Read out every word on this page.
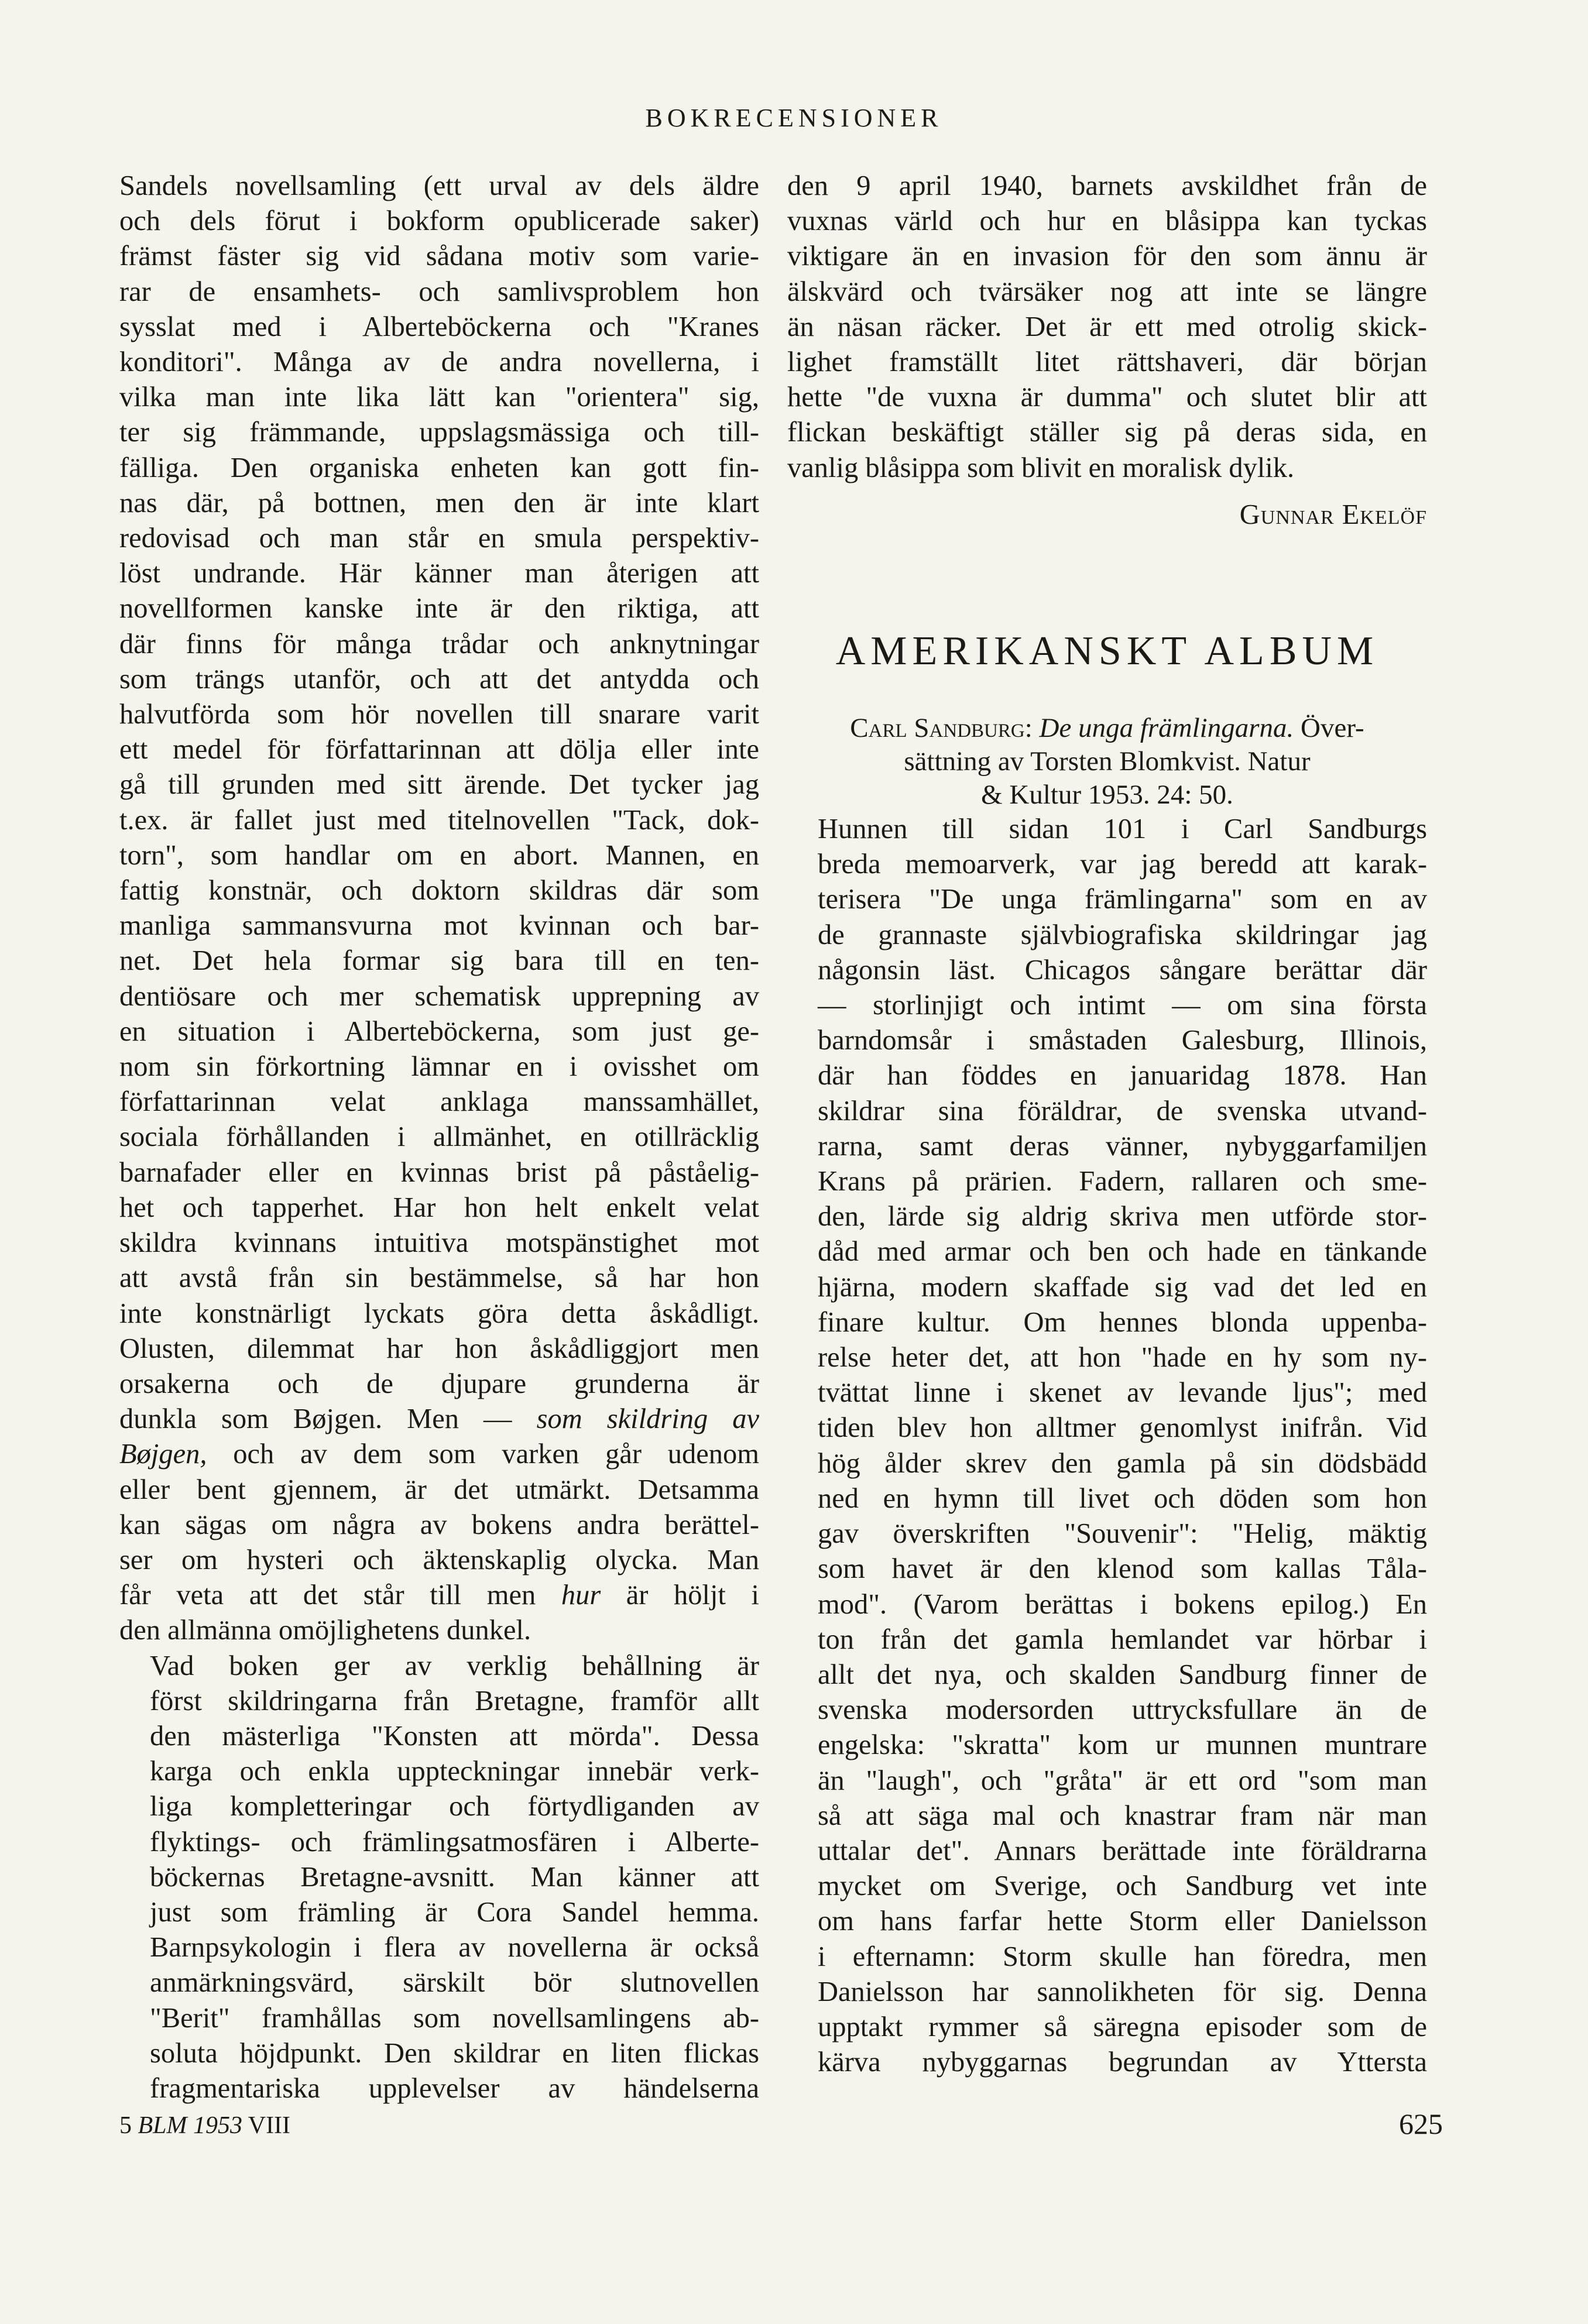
BOKRECENSIONER

Sandels novellsamling (ett urval av dels äldre
och dels förut i bokform opublicerade saker)
främst fäster sig vid sådana motiv som varie-
rar de ensamhets- och samlivsproblem hon
sysslat med i Alberteböckerna och "Kranes
konditori". Många av de andra novellerna, i
vilka man inte lika lätt kan "orientera" sig,
ter sig främmande, uppslagsmässiga och till-
fälliga. Den organiska enheten kan gott fin-
nas där, på bottnen, men den är inte klart
redovisad och man står en smula perspektiv-
löst undrande. Här känner man återigen att
novellformen kanske inte är den riktiga, att
där finns för många trådar och anknytningar
som trängs utanför, och att det antydda och
halvutförda som hör novellen till snarare varit
ett medel för författarinnan att dölja eller inte
gå till grunden med sitt ärende. Det tycker jag
t.ex. är fallet just med titelnovellen "Tack, dok-
torn", som handlar om en abort. Mannen, en
fattig konstnär, och doktorn skildras där som
manliga sammansvurna mot kvinnan och bar-
net. Det hela formar sig bara till en ten-
dentiösare och mer schematisk upprepning av
en situation i Alberteböckerna, som just ge-
nom sin förkortning lämnar en i ovisshet om
författarinnan velat anklaga manssamhället,
sociala förhållanden i allmänhet, en otillräcklig
barnafader eller en kvinnas brist på påståelig-
het och tapperhet. Har hon helt enkelt velat
skildra kvinnans intuitiva motspänstighet mot
att avstå från sin bestämmelse, så har hon
inte konstnärligt lyckats göra detta åskådligt.
Olusten, dilemmat har hon åskådliggjort men
orsakerna och de djupare grunderna är
dunkla som Bøjgen. Men — som skildring av
Bøjgen, och av dem som varken går udenom
eller bent gjennem, är det utmärkt. Detsamma
kan sägas om några av bokens andra berättel-
ser om hysteri och äktenskaplig olycka. Man
får veta att det står till men hur är höljt i
den allmänna omöjlighetens dunkel.

Vad boken ger av verklig behållning är
först skildringarna från Bretagne, framför allt
den mästerliga "Konsten att mörda". Dessa
karga och enkla uppteckningar innebär verk-
liga kompletteringar och förtydliganden av
flyktings- och främlingsatmosfären i Alberte-
böckernas Bretagne-avsnitt. Man känner att
just som främling är Cora Sandel hemma.
Barnpsykologin i flera av novellerna är också
anmärkningsvärd, särskilt bör slutnovellen
"Berit" framhållas som novellsamlingens ab-
soluta höjdpunkt. Den skildrar en liten flickas
fragmentariska upplevelser av händelserna

den 9 april 1940, barnets avskildhet från de
vuxnas värld och hur en blåsippa kan tyckas
viktigare än en invasion för den som ännu är
älskvärd och tvärsäker nog att inte se längre
än näsan räcker. Det är ett med otrolig skick-
lighet framställt litet rättshaveri, där början
hette "de vuxna är dumma" och slutet blir att
flickan beskäftigt ställer sig på deras sida, en
vanlig blåsippa som blivit en moralisk dylik.

Gunnar Ekelöf
AMERIKANSKT ALBUM
Carl Sandburg: De unga främlingarna. Över-
sättning av Torsten Blomkvist. Natur
& Kultur 1953. 24: 50.

Hunnen till sidan 101 i Carl Sandburgs
breda memoarverk, var jag beredd att karak-
terisera "De unga främlingarna" som en av
de grannaste självbiografiska skildringar jag
någonsin läst. Chicagos sångare berättar där
— storlinjigt och intimt — om sina första
barndomsår i småstaden Galesburg, Illinois,
där han föddes en januaridag 1878. Han
skildrar sina föräldrar, de svenska utvand-
rarna, samt deras vänner, nybyggarfamiljen
Krans på prärien. Fadern, rallaren och sme-
den, lärde sig aldrig skriva men utförde stor-
dåd med armar och ben och hade en tänkande
hjärna, modern skaffade sig vad det led en
finare kultur. Om hennes blonda uppenba-
relse heter det, att hon "hade en hy som ny-
tvättat linne i skenet av levande ljus"; med
tiden blev hon alltmer genomlyst inifrån. Vid
hög ålder skrev den gamla på sin dödsbädd
ned en hymn till livet och döden som hon
gav överskriften "Souvenir": "Helig, mäktig
som havet är den klenod som kallas Tåla-
mod". (Varom berättas i bokens epilog.) En
ton från det gamla hemlandet var hörbar i
allt det nya, och skalden Sandburg finner de
svenska modersorden uttrycksfullare än de
engelska: "skratta" kom ur munnen muntrare
än "laugh", och "gråta" är ett ord "som man
så att säga mal och knastrar fram när man
uttalar det". Annars berättade inte föräldrarna
mycket om Sverige, och Sandburg vet inte
om hans farfar hette Storm eller Danielsson
i efternamn: Storm skulle han föredra, men
Danielsson har sannolikheten för sig. Denna
upptakt rymmer så säregna episoder som de
kärva nybyggarnas begrundan av Yttersta

5 BLM 1953 VIII	625
